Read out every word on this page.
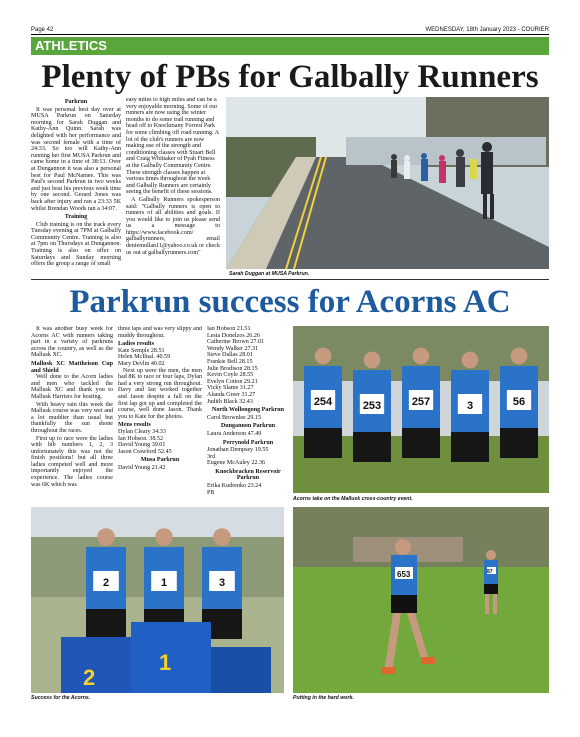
Page 42	WEDNESDAY, 18th January 2023 - COURIER
ATHLETICS
Plenty of PBs for Galbally Runners

Parkrun

It was personal best day over at MUSA Parkrun on Saturday morning for Sarah Duggan and Kathy-Ann Quinn. Sarah was delighted with her performance and was second female with a time of 24:33. So too will Kathy-Ann running her first MUSA Parkrun and came home in a time of 38:13. Over at Dungannon it was also a personal best for Paul McNamee. This was Paul's second Parkrun in two weeks and just beat his previous week time by one second. Gerard Jones was back after injury and ran a 23:33 5K whilst Brendan Woods ran a 34:07.

Training

Club training is on the track every Tuesday evening at 7PM at Galbally Community Centre. Training is also at 7pm on Thursdays at Dungannon. Training is also on offer on Saturdays and Sunday morning offers the group a range of small

easy miles to high miles and can be a very enjoyable morning. Some of our runners are now using the winter months to do some trail running and head off to Knockmany Forrest Park for some climbing off road running. A lot of the club's runners are now making use of the strength and conditioning classes with Stuart Bell and Craig Whittaker of Pyah Fitness at the Galbally Community Centre. These strength classes happen at various times throughout the week and Galbally Runners are certainly seeing the benefit of these sessions.

A Galbally Runners spokesperson said: "Galbally runners is open to runners of all abilities and goals. If you would like to join us please send us a message to https://www.facebook.com/ galballyrunners, email deniemullan11@yahoo.co.uk or check us out at galballyrunners.com"

Sarah Duggan at MUSA Parkrun.
Parkrun success for Acorns AC

It was another busy week for Acorns AC with runners taking part in a variety of parkruns across the country, as well as the Mallusk XC.

Mallusk XC Mattheison Cup and Shield

Well done to the Acorn ladies and men who tackled the Mallusk XC and thank you to Mallusk Harriers for hosting.

With heavy rain this week the Mallusk course was very wet and a lot muddier than usual but thankfully the sun shone throughout the races.

First up to race were the ladies with bib numbers 1, 2, 3 unfortunately this was not the finish positions! but all three ladies competed well and more importantly enjoyed the experience. The ladies course was 6K which was

three laps and was very slippy and muddy throughout.

Ladies results

Kate Semple 28.51
Helen McIlnal. 40.59
Mary Devlin 40.02

Next up were the men, the men had 8K to race or four laps, Dylan had a very strong run throughout. Davy and Ian worked together and Jason despite a fall on the first lap got up and completed the course, well done Jason. Thank you to Kate for the photos.

Mens results

Dylan Cleary 34.33
Ian Hobson. 38.52
David Young 39.01
Jason Crawford 52.45

Musa Parkrun

David Young 21.42
Ian Hobson 21.51
Lesta Donelzos 26.26
Catherine Brown 27.01
Wendy Walker 27.31
Steve Dallas 28.01
Frankie Bell 28.15
Julie Brodison 28.15
Kevin Coyle 28.55
Evelyn Cotton 29.21
Vicky Slame 31.27
Alanda Greer 31.27
Judith Black 32.43

North Wollongong Parkrun

Carol Brownlee 29.15

Dungannon Parkrun

Laura Anderson 47.49

Perrynold Parkrun

Jonathan Dempsey 19.55
3rd
Eugene McAuley 22.36

Knockbracken Reservoir Parkrun

Erika Kudrenko 23.24
PB
254	253	257	3	56
Acorns take on the Mallusk cross-country event.
2	1	3
2
1
Success for the Acorns.
653	87
Putting in the hard work.
